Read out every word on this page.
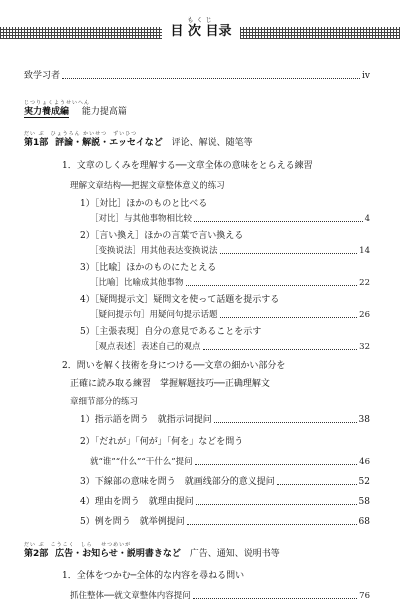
もくじ
目 次 目录
致学习者	iv
じつりょくようせいへん
実力養成編 能力提高篇
だい ぶ　ひょうろん かいせつ　ずいひつ
第1部 評論・解説・エッセイなど 评论、解说、随笔等
1．文章のしくみを理解する──文章全体の意味をとらえる練習
理解文章结构──把握文章整体意义的练习
1）［対比］ほかのものと比べる
［对比］与其他事物相比较	4
2）［言い換え］ほかの言葉で言い換える
［变换说法］用其他表达变换说法	14
3）［比喩］ほかのものにたとえる
［比喻］比喻成其他事物	22
4）［疑問提示文］疑問文を使って話題を提示する
［疑问提示句］用疑问句提示话题	26
5）［主張表現］自分の意見であることを示す
［观点表述］表述自己的观点	32
2．問いを解く技術を身につける──文章の細かい部分を
正確に読み取る練習　掌握解题技巧──正确理解文
章细节部分的练习
1）指示語を問う　就指示词提问	38
2）「だれが」「何が」「何を」などを問う
就“谁”“什么”“干什么”提问	46
3）下線部の意味を問う　就画线部分的意义提问	52
4）理由を問う　就理由提问	58
5）例を問う　就举例提问	68
だい ぶ　こうこく　しら　 せつめいが
第2部 広告・お知らせ・説明書きなど 广告、通知、说明书等
1．全体をつかむ─全体的な内容を尋ねる問い
抓住整体──就文章整体内容提问	76
